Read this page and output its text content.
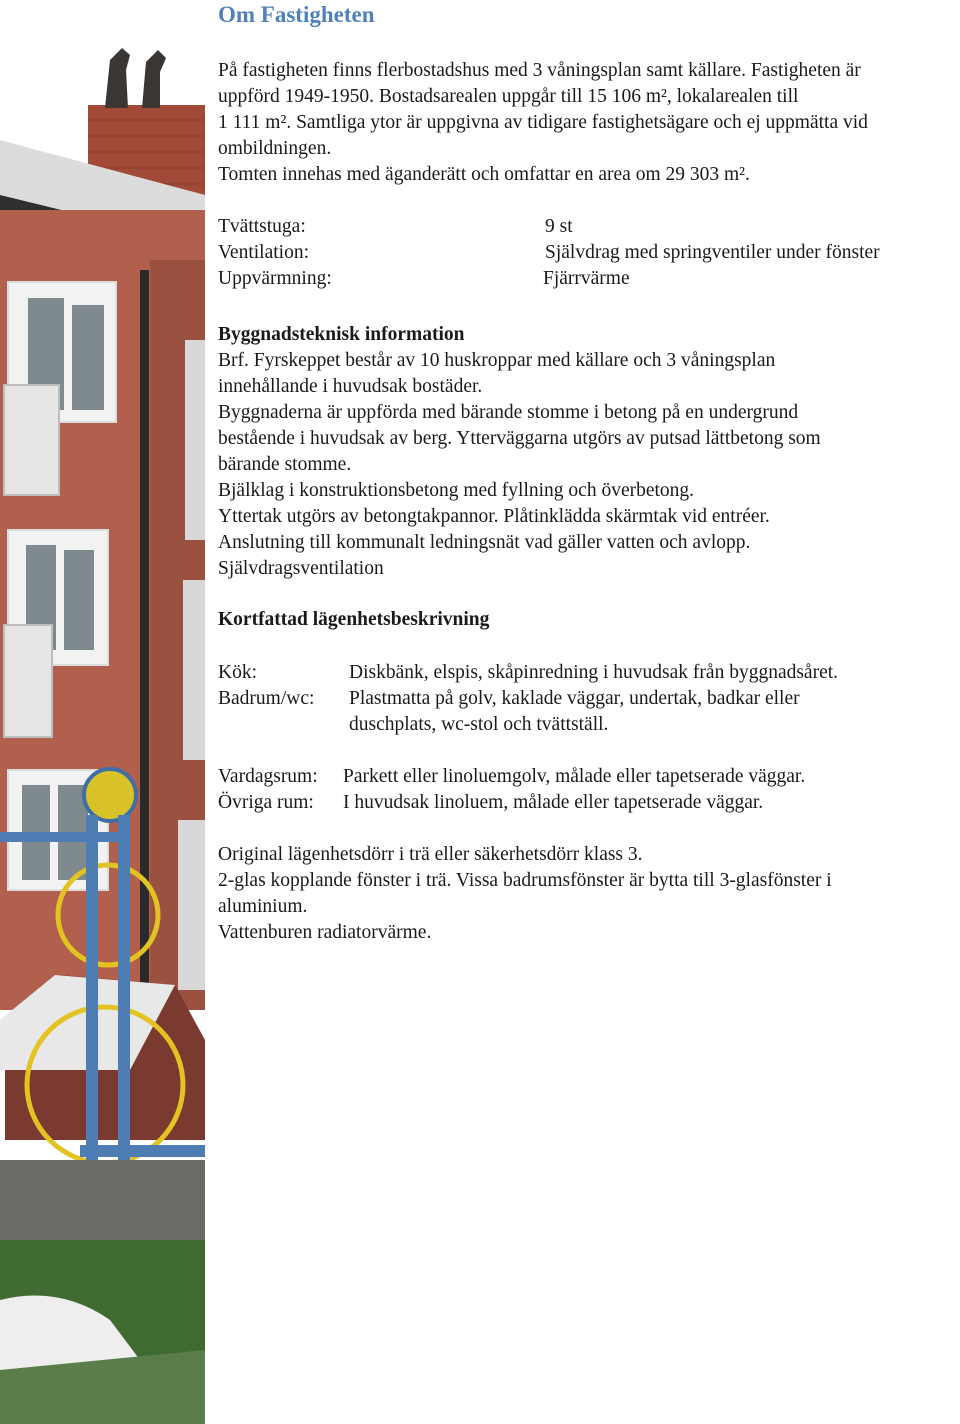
Om Fastigheten
På fastigheten finns flerbostadshus med 3 våningsplan samt källare. Fastigheten är
uppförd 1949-1950. Bostadsarealen uppgår till 15 106 m², lokalarealen till
1 111 m². Samtliga ytor är uppgivna av tidigare fastighetsägare och ej uppmätta vid
ombildningen.
Tomten innehas med äganderätt och omfattar en area om 29 303 m².
Tvättstuga:	9 st
Ventilation:	Självdrag med springventiler under fönster
Uppvärmning:	Fjärrvärme
Byggnadsteknisk information
Brf. Fyrskeppet består av 10 huskroppar med källare och 3 våningsplan
innehållande i huvudsak bostäder.
Byggnaderna är uppförda med bärande stomme i betong på en undergrund
bestående i huvudsak av berg. Ytterväggarna utgörs av putsad lättbetong som
bärande stomme.
Bjälklag i konstruktionsbetong med fyllning och överbetong.
Yttertak utgörs av betongtakpannor. Plåtinklädda skärmtak vid entréer.
Anslutning till kommunalt ledningsnät vad gäller vatten och avlopp.
Självdragsventilation
Kortfattad lägenhetsbeskrivning
Kök:	Diskbänk, elspis, skåpinredning i huvudsak från byggnadsåret.
Badrum/wc: Plastmatta på golv, kaklade väggar, undertak, badkar eller
duschplats, wc-stol och tvättställ.
Vardagsrum: Parkett eller linoluemgolv, målade eller tapetserade väggar.
Övriga rum: I huvudsak linoluem, målade eller tapetserade väggar.
Original lägenhetsdörr i trä eller säkerhetsdörr klass 3.
2-glas kopplande fönster i trä. Vissa badrumsfönster är bytta till 3-glasfönster i
aluminium.
Vattenburen radiatorvärme.
